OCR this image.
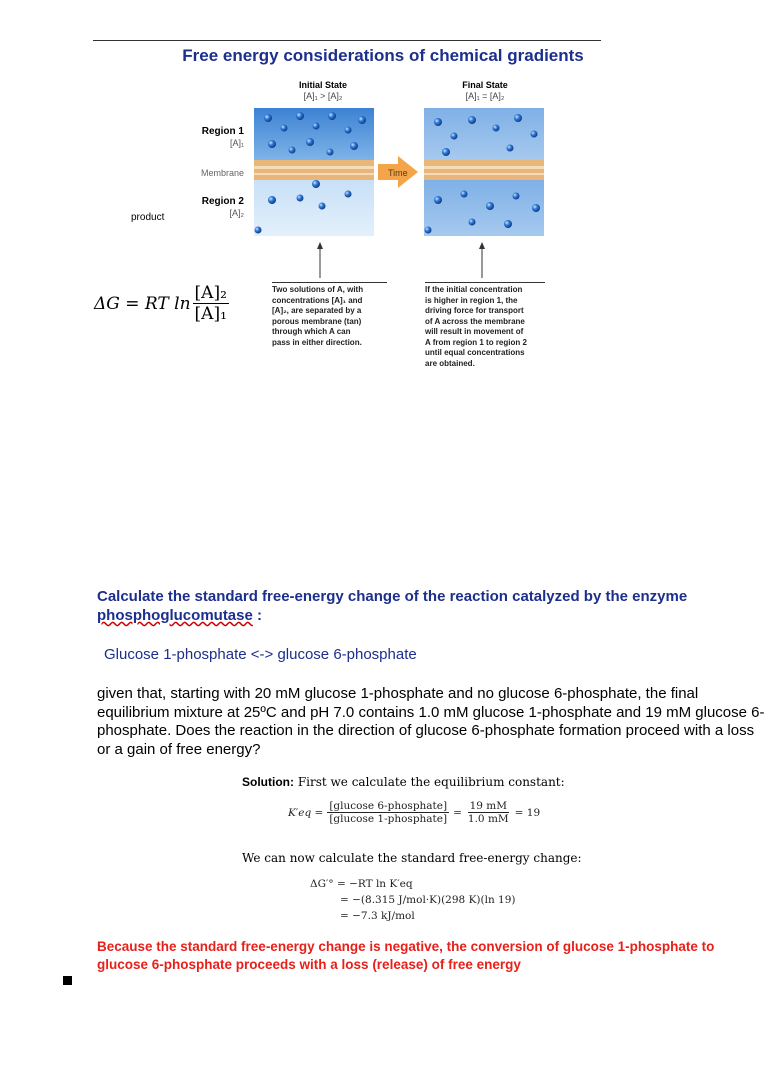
Free energy considerations of chemical gradients
Initial State
[A]₁ > [A]₂
Final State
[A]₁ = [A]₂
Region 1
[A]₁
Membrane
Region 2
[A]₂
product
Time
Two solutions of A, with
concentrations [A]₁ and
[A]₂, are separated by a
porous membrane (tan)
through which A can
pass in either direction.
If the initial concentration
is higher in region 1, the
driving force for transport
of A across the membrane
will result in movement of
A from region 1 to region 2
until equal concentrations
are obtained.
ΔG = RT $\ln \frac{\text{[A]₂}}{\text{[A]₁}}$
Calculate the standard free-energy change of the reaction catalyzed by the enzyme phosphoglucomutase :
Glucose 1-phosphate <-> glucose 6-phosphate
given that, starting with 20 mM glucose 1-phosphate and no glucose 6-phosphate, the final equilibrium mixture at 25ºC and pH 7.0 contains 1.0 mM glucose 1-phosphate and 19 mM glucose 6-phosphate. Does the reaction in the direction of glucose 6-phosphate formation proceed with a loss or a gain of free energy?
Solution: First we calculate the equilibrium constant:
K′eq =
[glucose 6-phosphate]
[glucose 1-phosphate]
= $\frac{19 mM}{1.0 mM} = 19$
We can now calculate the standard free-energy change:
ΔG′° = −RT ln K′eq
= −(8.315 J/mol·K)(298 K)(ln 19)
= −7.3 kJ/mol
Because the standard free-energy change is negative, the conversion of glucose 1-phosphate to glucose 6-phosphate proceeds with a loss (release) of free energy
